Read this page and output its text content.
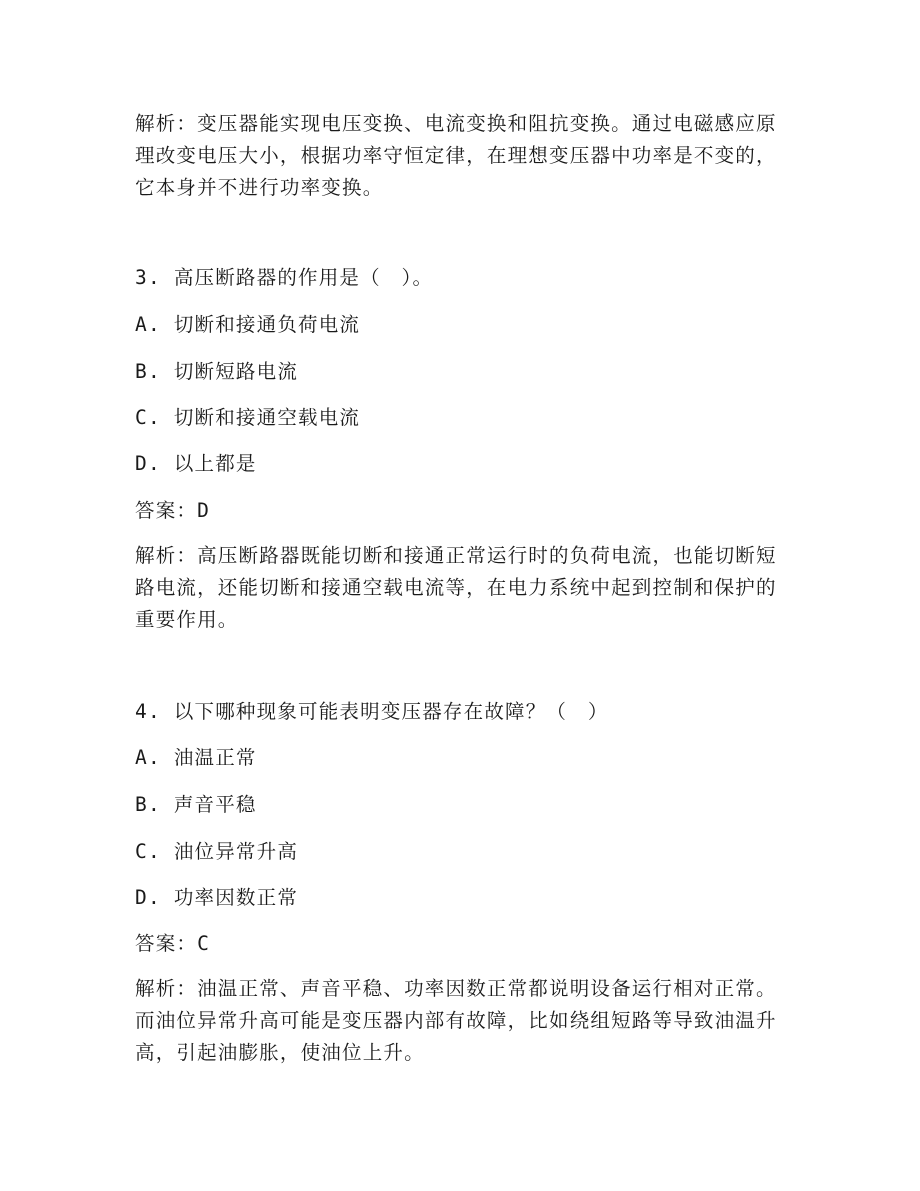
解析：变压器能实现电压变换、电流变换和阻抗变换。通过电磁感应原理改变电压大小，根据功率守恒定律，在理想变压器中功率是不变的，它本身并不进行功率变换。
3. 高压断路器的作用是（　）。
A. 切断和接通负荷电流
B. 切断短路电流
C. 切断和接通空载电流
D. 以上都是
答案：D
解析：高压断路器既能切断和接通正常运行时的负荷电流，也能切断短路电流，还能切断和接通空载电流等，在电力系统中起到控制和保护的重要作用。
4. 以下哪种现象可能表明变压器存在故障？（　）
A. 油温正常
B. 声音平稳
C. 油位异常升高
D. 功率因数正常
答案：C
解析：油温正常、声音平稳、功率因数正常都说明设备运行相对正常。而油位异常升高可能是变压器内部有故障，比如绕组短路等导致油温升高，引起油膨胀，使油位上升。
